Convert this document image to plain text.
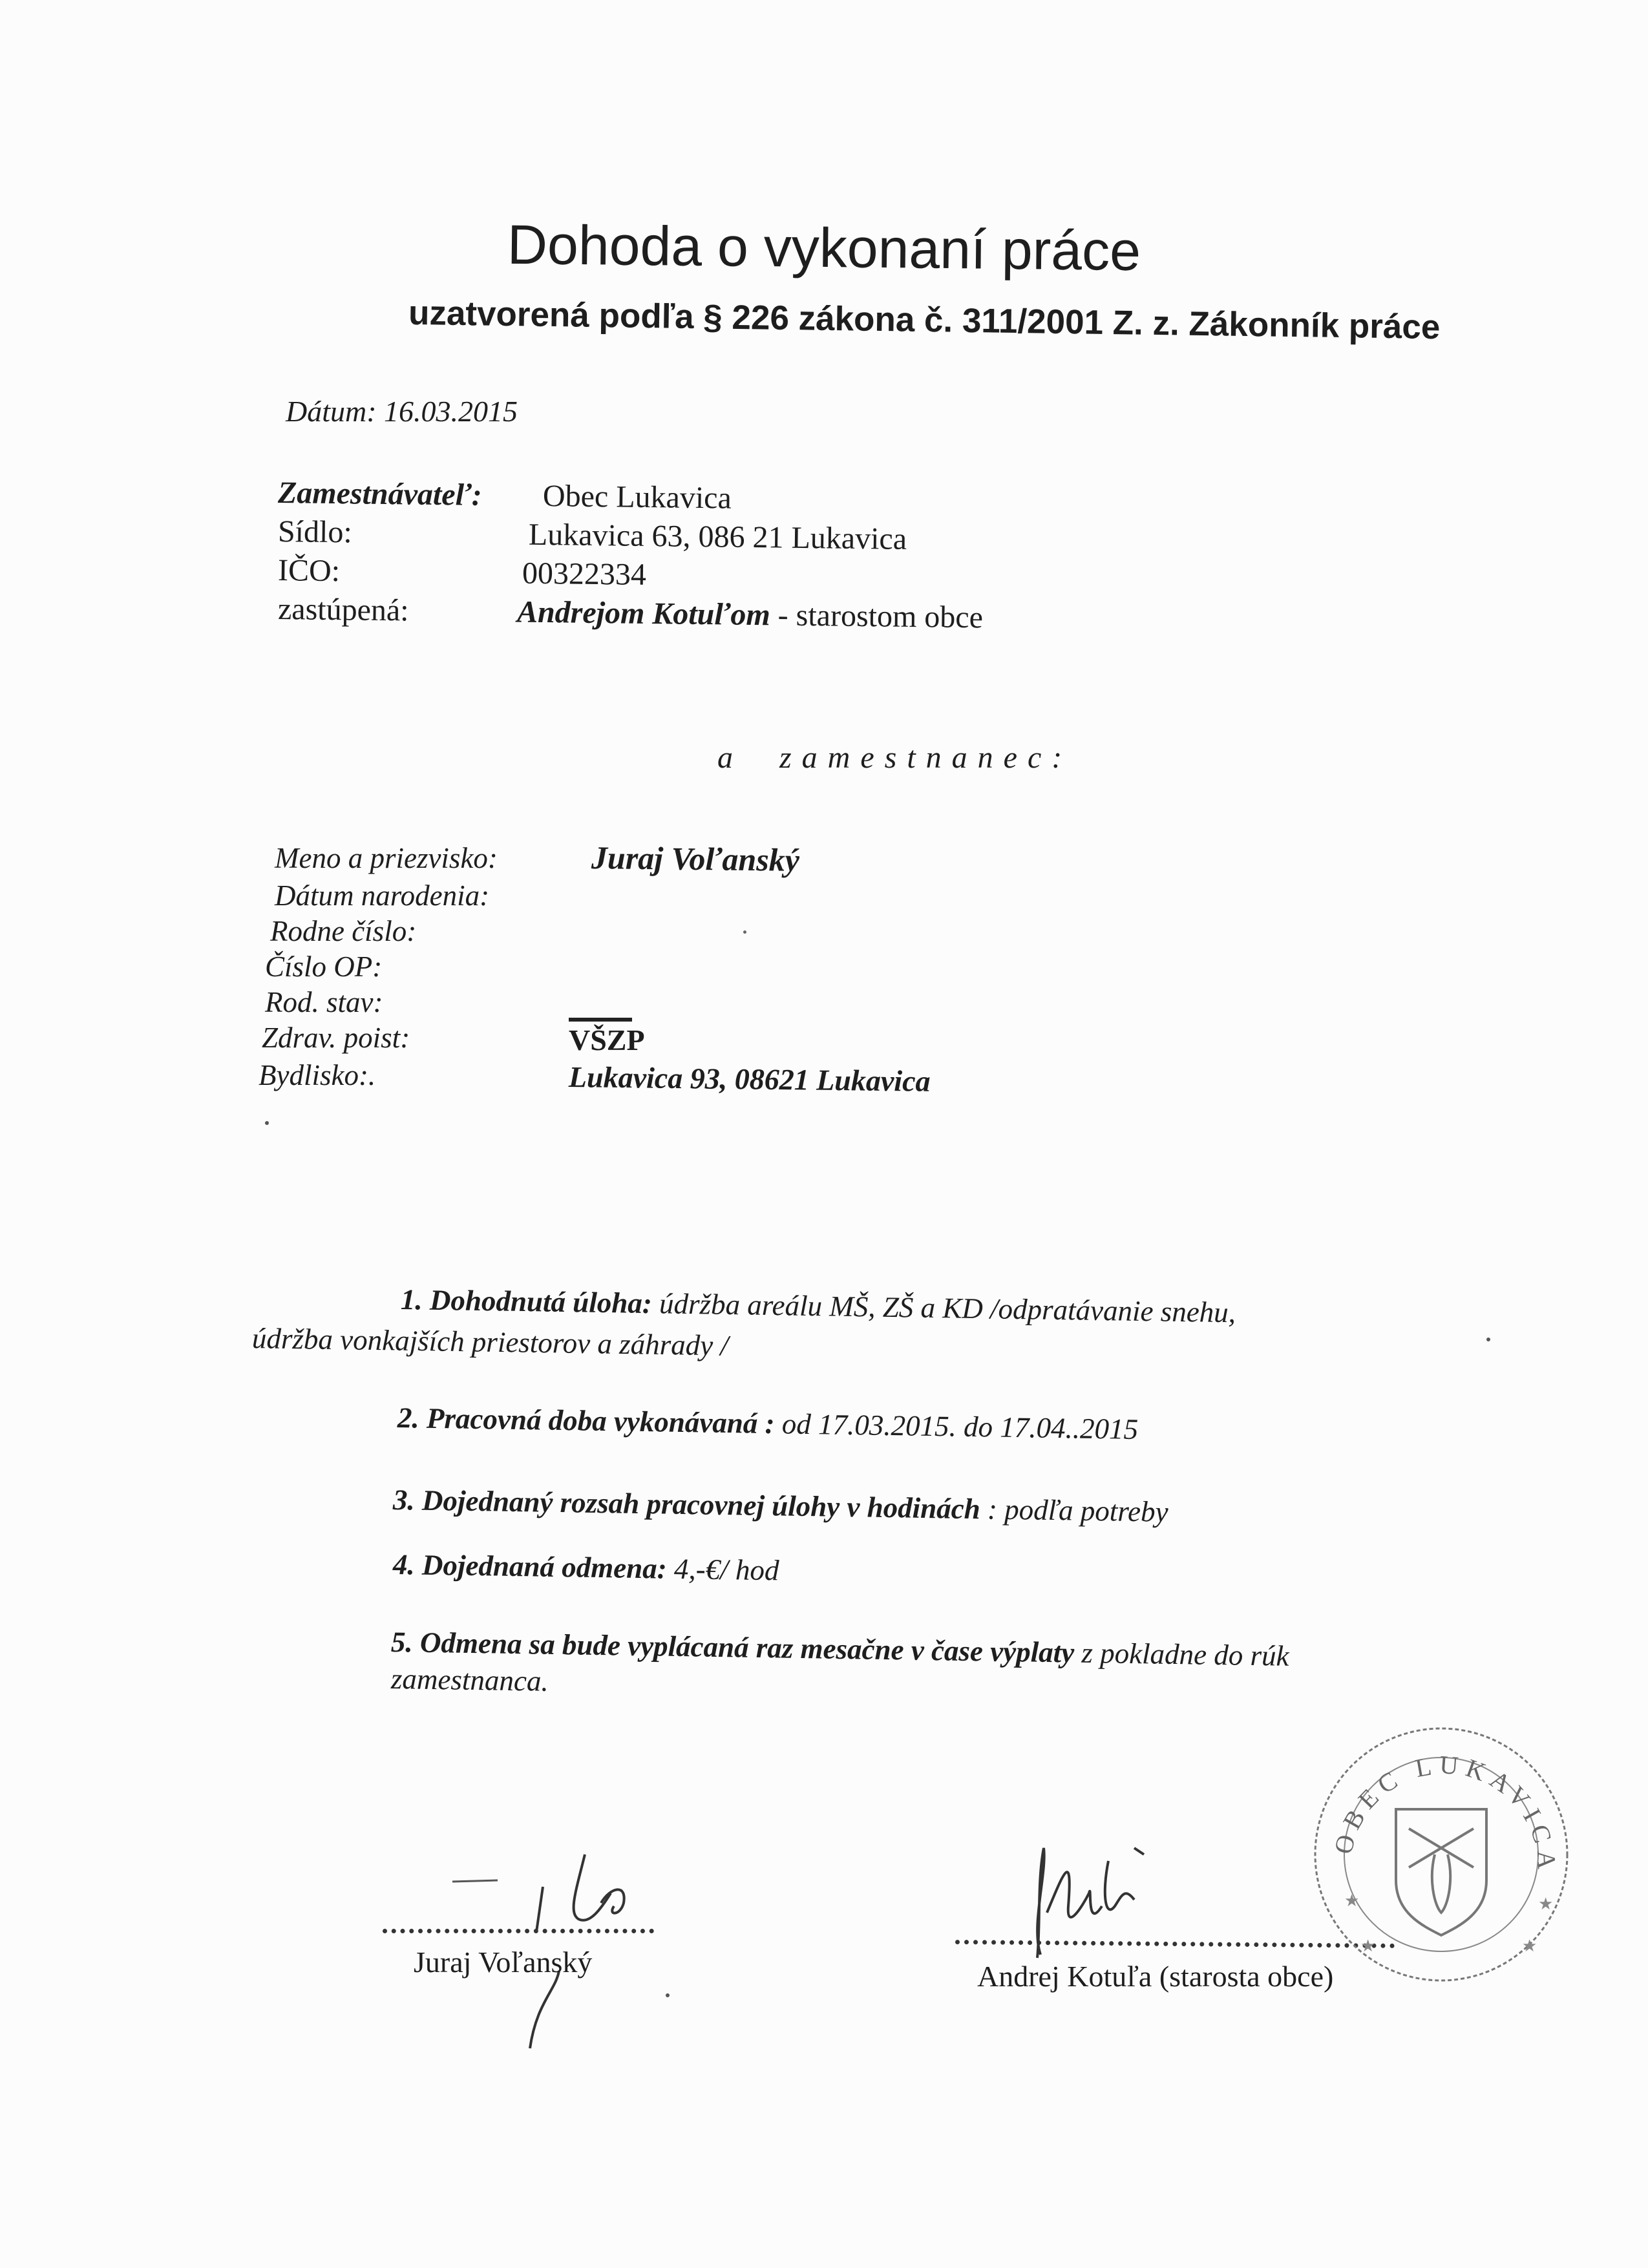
Dohoda o vykonaní práce
uzatvorená podľa § 226 zákona č. 311/2001 Z. z. Zákonník práce
Dátum: 16.03.2015
Zamestnávateľ: Obec Lukavica
Sídlo:	Lukavica 63, 086 21 Lukavica
IČO:	00322334
zastúpená:	Andrejom Kotuľom - starostom obce
a zamestnanec:
Meno a priezvisko:	Juraj Voľanský
Dátum narodenia:
Rodne číslo:
Číslo OP:
Rod. stav:
Zdrav. poist:	VŠZP
Bydlisko:.	Lukavica 93, 08621 Lukavica
1. Dohodnutá úloha: údržba areálu MŠ, ZŠ a KD /odpratávanie snehu,
údržba vonkajších priestorov a záhrady /
2. Pracovná doba vykonávaná : od 17.03.2015. do 17.04..2015
3. Dojednaný rozsah pracovnej úlohy v hodinách : podľa potreby
4. Dojednaná odmena: 4,-€/ hod
5. Odmena sa bude vyplácaná raz mesačne v čase výplaty z pokladne do rúk
zamestnanca.
Juraj Voľanský	Andrej Kotuľa (starosta obce)
OBEC LUKAVICA
★
★	★
★
